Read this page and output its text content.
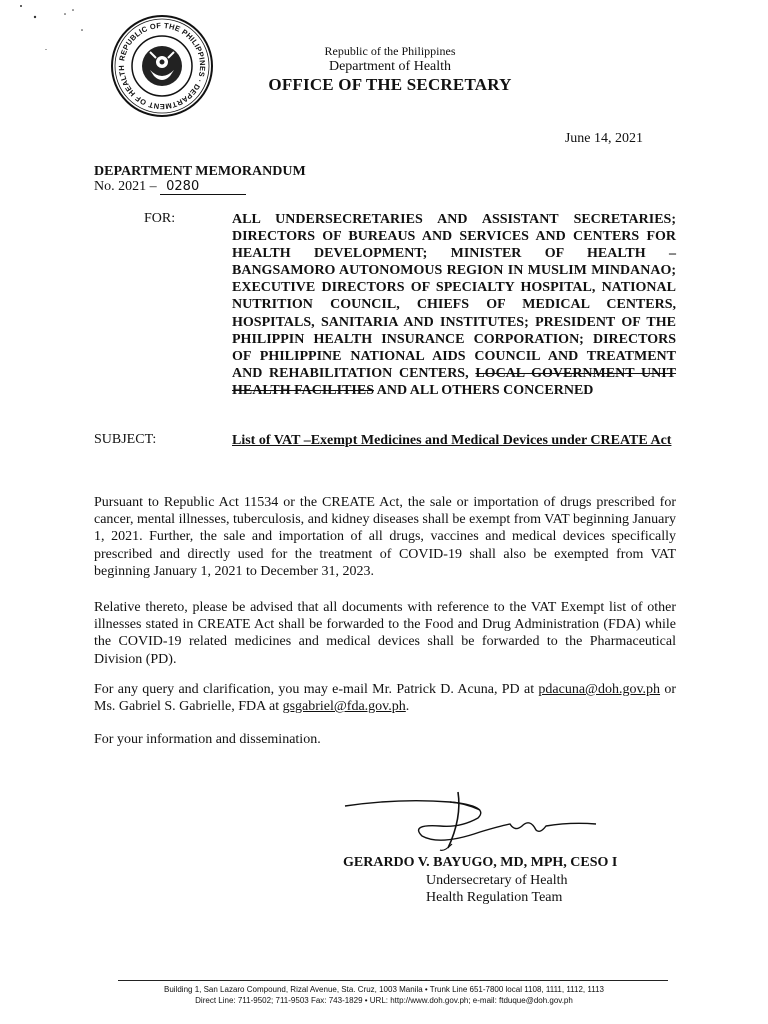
REPUBLIC OF THE PHILIPPINES · DEPARTMENT OF HEALTH
Republic of the Philippines
Department of Health
OFFICE OF THE SECRETARY
June 14, 2021
DEPARTMENT MEMORANDUM
No. 2021 – 0280
FOR:	ALL UNDERSECRETARIES AND ASSISTANT SECRETARIES; DIRECTORS OF BUREAUS AND SERVICES AND CENTERS FOR HEALTH DEVELOPMENT; MINISTER OF HEALTH – BANGSAMORO AUTONOMOUS REGION IN MUSLIM MINDANAO; EXECUTIVE DIRECTORS OF SPECIALTY HOSPITAL, NATIONAL NUTRITION COUNCIL, CHIEFS OF MEDICAL CENTERS, HOSPITALS, SANITARIA AND INSTITUTES; PRESIDENT OF THE PHILIPPIN HEALTH INSURANCE CORPORATION; DIRECTORS OF PHILIPPINE NATIONAL AIDS COUNCIL AND TREATMENT AND REHABILITATION CENTERS, LOCAL GOVERNMENT UNIT HEALTH FACILITIES AND ALL OTHERS CONCERNED
SUBJECT:	List of VAT –Exempt Medicines and Medical Devices under CREATE Act

Pursuant to Republic Act 11534 or the CREATE Act, the sale or importation of drugs prescribed for cancer, mental illnesses, tuberculosis, and kidney diseases shall be exempt from VAT beginning January 1, 2021. Further, the sale and importation of all drugs, vaccines and medical devices specifically prescribed and directly used for the treatment of COVID-19 shall also be exempted from VAT beginning January 1, 2021 to December 31, 2023.

Relative thereto, please be advised that all documents with reference to the VAT Exempt list of other illnesses stated in CREATE Act shall be forwarded to the Food and Drug Administration (FDA) while the COVID-19 related medicines and medical devices shall be forwarded to the Pharmaceutical Division (PD).

For any query and clarification, you may e-mail Mr. Patrick D. Acuna, PD at pdacuna@doh.gov.ph or Ms. Gabriel S. Gabrielle, FDA at gsgabriel@fda.gov.ph.

For your information and dissemination.

GERARDO V. BAYUGO, MD, MPH, CESO I
Undersecretary of Health
Health Regulation Team
Building 1, San Lazaro Compound, Rizal Avenue, Sta. Cruz, 1003 Manila • Trunk Line 651-7800 local 1108, 1111, 1112, 1113
Direct Line: 711-9502; 711-9503 Fax: 743-1829 • URL: http://www.doh.gov.ph; e-mail: ftduque@doh.gov.ph
